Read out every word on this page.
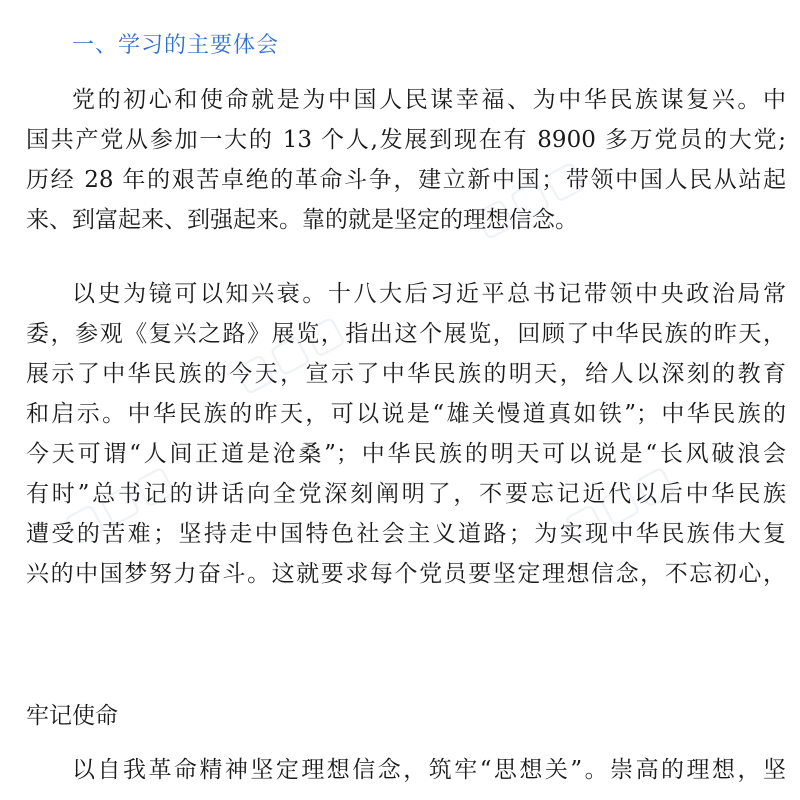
一、学习的主要体会
党的初心和使命就是为中国人民谋幸福、为中华民族谋复兴。中
国共产党从参加一大的 13 个人,发展到现在有 8900 多万党员的大党;
历经 28 年的艰苦卓绝的革命斗争，建立新中国；带领中国人民从站起
来、到富起来、到强起来。靠的就是坚定的理想信念。
以史为镜可以知兴衰。十八大后习近平总书记带领中央政治局常
委，参观《复兴之路》展览，指出这个展览，回顾了中华民族的昨天，
展示了中华民族的今天，宣示了中华民族的明天，给人以深刻的教育
和启示。中华民族的昨天，可以说是“雄关慢道真如铁”；中华民族的
今天可谓“人间正道是沧桑”；中华民族的明天可以说是“长风破浪会
有时”总书记的讲话向全党深刻阐明了，不要忘记近代以后中华民族
遭受的苦难；坚持走中国特色社会主义道路；为实现中华民族伟大复
兴的中国梦努力奋斗。这就要求每个党员要坚定理想信念，不忘初心，
牢记使命
以自我革命精神坚定理想信念，筑牢“思想关”。崇高的理想，坚
▢▢▢
▢▢▢
▢▢▢	▢▢▢
